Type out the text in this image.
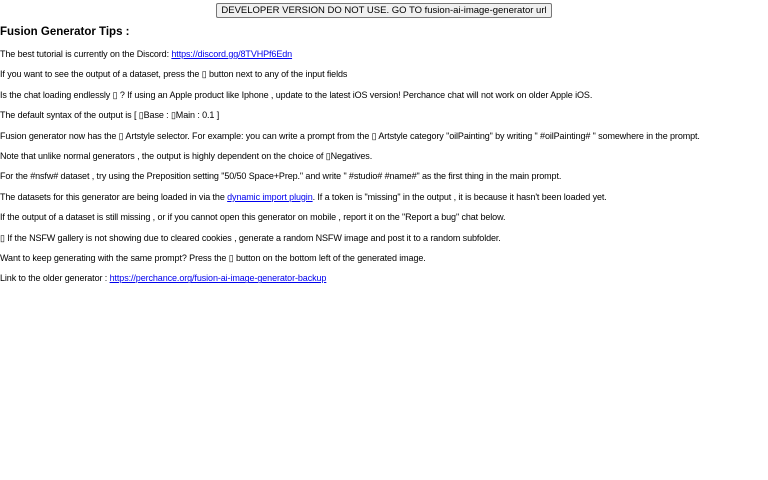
DEVELOPER VERSION DO NOT USE. GO TO fusion-ai-image-generator url
Fusion Generator Tips :

The best tutorial is currently on the Discord: https://discord.gg/8TVHPf6Edn

If you want to see the output of a dataset, press the ▯ button next to any of the input fields

Is the chat loading endlessly ▯ ? If using an Apple product like Iphone , update to the latest iOS version! Perchance chat will not work on older Apple iOS.

The default syntax of the output is [ ▯Base : ▯Main : 0.1 ]

Fusion generator now has the ▯ Artstyle selector. For example: you can write a prompt from the ▯ Artstyle category "oilPainting" by writing " #oilPainting# " somewhere in the prompt.

Note that unlike normal generators , the output is highly dependent on the choice of ▯Negatives.

For the #nsfw# dataset , try using the Preposition setting "50/50 Space+Prep." and write " #studio# #name#" as the first thing in the main prompt.

The datasets for this generator are being loaded in via the dynamic import plugin. If a token is "missing" in the output , it is because it hasn't been loaded yet.

If the output of a dataset is still missing , or if you cannot open this generator on mobile , report it on the "Report a bug" chat below.

▯ If the NSFW gallery is not showing due to cleared cookies , generate a random NSFW image and post it to a random subfolder.

Want to keep generating with the same prompt? Press the ▯ button on the bottom left of the generated image.

Link to the older generator : https://perchance.org/fusion-ai-image-generator-backup
